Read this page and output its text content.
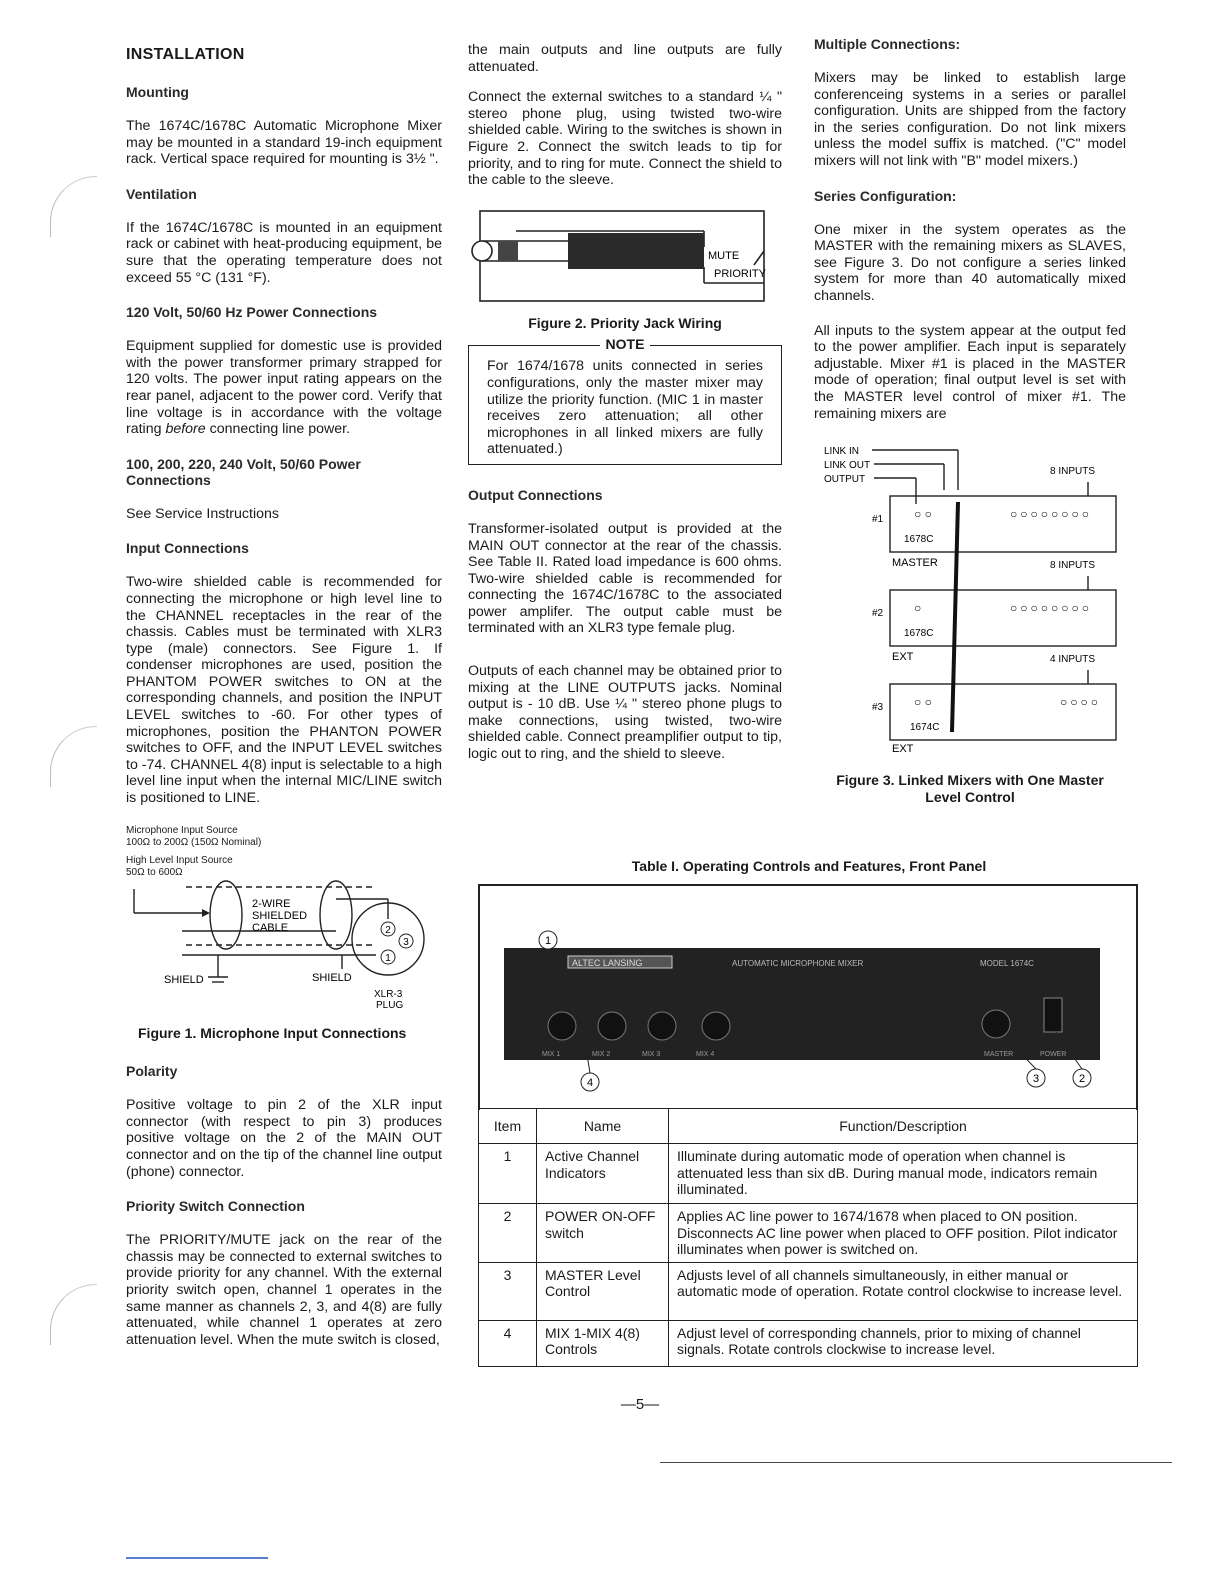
INSTALLATION
Mounting

The 1674C/1678C Automatic Microphone Mixer may be mounted in a standard 19-inch equipment rack. Vertical space required for mounting is 3½ ".

Ventilation

If the 1674C/1678C is mounted in an equipment rack or cabinet with heat-producing equipment, be sure that the operating temperature does not exceed 55 °C (131 °F).

120 Volt, 50/60 Hz Power Connections

Equipment supplied for domestic use is provided with the power transformer primary strapped for 120 volts. The power input rating appears on the rear panel, adjacent to the power cord. Verify that line voltage is in accordance with the voltage rating before connecting line power.

100, 200, 220, 240 Volt, 50/60 Power Connections

See Service Instructions

Input Connections

Two-wire shielded cable is recommended for connecting the microphone or high level line to the CHANNEL receptacles in the rear of the chassis. Cables must be terminated with XLR3 type (male) connectors. See Figure 1. If condenser microphones are used, position the PHANTOM POWER switches to ON at the corresponding channels, and position the INPUT LEVEL switches to -60. For other types of microphones, position the PHANTON POWER switches to OFF, and the INPUT LEVEL switches to -74. CHANNEL 4(8) input is selectable to a high level line input when the internal MIC/LINE switch is positioned to LINE.

Microphone Input Source

100Ω to 200Ω (150Ω Nominal)

High Level Input Source

50Ω to 600Ω

2
3
1
2-WIRE
SHIELDED
CABLE
SHIELD	SHIELD
XLR-3
PLUG

Figure 1. Microphone Input Connections

Polarity

Positive voltage to pin 2 of the XLR input connector (with respect to pin 3) produces positive voltage on the 2 of the MAIN OUT connector and on the tip of the channel line output (phone) connector.

Priority Switch Connection

The PRIORITY/MUTE jack on the rear of the chassis may be connected to external switches to provide priority for any channel. With the external priority switch open, channel 1 operates in the same manner as channels 2, 3, and 4(8) are fully attenuated, while channel 1 operates at zero attenuation level. When the mute switch is closed,

the main outputs and line outputs are fully attenuated.

Connect the external switches to a standard ¼ " stereo phone plug, using twisted two-wire shielded cable. Wiring to the switches is shown in Figure 2. Connect the switch leads to tip for priority, and to ring for mute. Connect the shield to the cable to the sleeve.

MUTE
PRIORITY

Figure 2. Priority Jack Wiring

NOTE

For 1674/1678 units connected in series configurations, only the master mixer may utilize the priority function. (MIC 1 in master receives zero attenuation; all other microphones in all linked mixers are fully attenuated.)

Output Connections

Transformer-isolated output is provided at the MAIN OUT connector at the rear of the chassis. See Table II. Rated load impedance is 600 ohms. Two-wire shielded cable is recommended for connecting the 1674C/1678C to the associated power amplifer. The output cable must be terminated with an XLR3 type female plug.

Outputs of each channel may be obtained prior to mixing at the LINE OUTPUTS jacks. Nominal output is - 10 dB. Use ¼ " stereo phone plugs to make connections, using twisted, two-wire shielded cable. Connect preamplifier output to tip, logic out to ring, and the shield to sleeve.

Multiple Connections:

Mixers may be linked to establish large conferenceing systems in a series or parallel configuration. Units are shipped from the factory in the series configuration. Do not link mixers unless the model suffix is matched. ("C" model mixers will not link with "B" model mixers.)

Series Configuration:

One mixer in the system operates as the MASTER with the remaining mixers as SLAVES, see Figure 3. Do not configure a series linked system for more than 40 automatically mixed channels.

All inputs to the system appear at the output fed to the power amplifier. Each input is separately adjustable. Mixer #1 is placed in the MASTER mode of operation; final output level is set with the MASTER level control of mixer #1. The remaining mixers are

LINK IN
LINK OUT
OUTPUT
8 INPUTS
8 INPUTS
4 INPUTS
#1
#2
#3
1678C
1678C
1674C
MASTER
EXT
EXT
○○○○○○○○
○○○○○○○○
○○○○
○ ○
○
○ ○

Figure 3. Linked Mixers with One Master

Level Control

Table I. Operating Controls and Features, Front Panel
ALTEC LANSING	AUTOMATIC MICROPHONE MIXER	MODEL 1674C
MIX 1	MIX 2	MIX 3	MIX 4	MASTER	POWER
1
4	3	2
Item	Name	Function/Description
1	Active Channel Indicators	Illuminate during automatic mode of operation when channel is attenuated less than six dB. During manual mode, indicators remain illuminated.
2	POWER ON-OFF switch	Applies AC line power to 1674/1678 when placed to ON position. Disconnects AC line power when placed to OFF position. Pilot indicator illuminates when power is switched on.
3	MASTER Level Control	Adjusts level of all channels simultaneously, in either manual or automatic mode of operation. Rotate control clockwise to increase level.
4	MIX 1-MIX 4(8) Controls	Adjust level of corresponding channels, prior to mixing of channel signals. Rotate controls clockwise to increase level.
—5—
